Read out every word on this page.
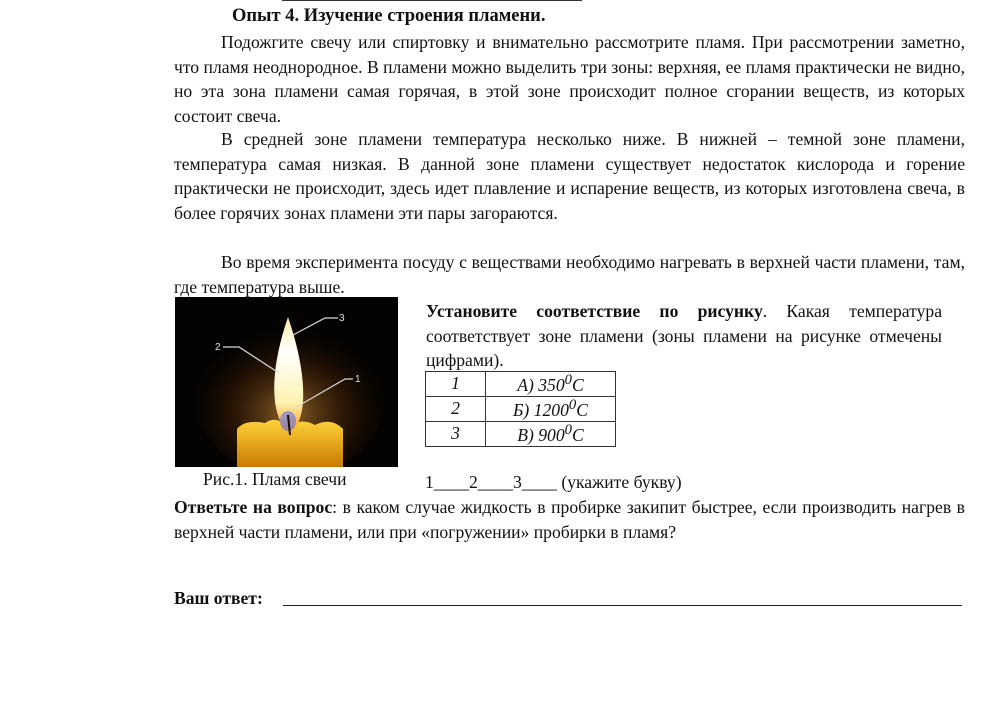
Опыт 4. Изучение строения пламени.

Подожгите свечу или спиртовку и внимательно рассмотрите пламя. При рассмотрении заметно, что пламя неоднородное. В пламени можно выделить три зоны: верхняя, ее пламя практически не видно, но эта зона пламени самая горячая, в этой зоне происходит полное сгорании веществ, из которых состоит свеча.

В средней зоне пламени температура несколько ниже. В нижней – темной зоне пламени, температура самая низкая. В данной зоне пламени существует недостаток кислорода и горение практически не происходит, здесь идет плавление и испарение веществ, из которых изготовлена свеча, в более горячих зонах пламени эти пары загораются.

Во время эксперимента посуду с веществами необходимо нагревать в верхней части пламени, там, где температура выше.

2
3
1

Рис.1. Пламя свечи

Установите соответствие по рисунку. Какая температура соответствует зоне пламени (зоны пламени на рисунке отмечены цифрами).

1	А) $350^0C$
2	Б) 1200$^0$C
3	В) $900^0C$

1____2____3____ (укажите букву)

Ответьте на вопрос: в каком случае жидкость в пробирке закипит быстрее, если производить нагрев в верхней части пламени, или при «погружении» пробирки в пламя?

Ваш ответ:
